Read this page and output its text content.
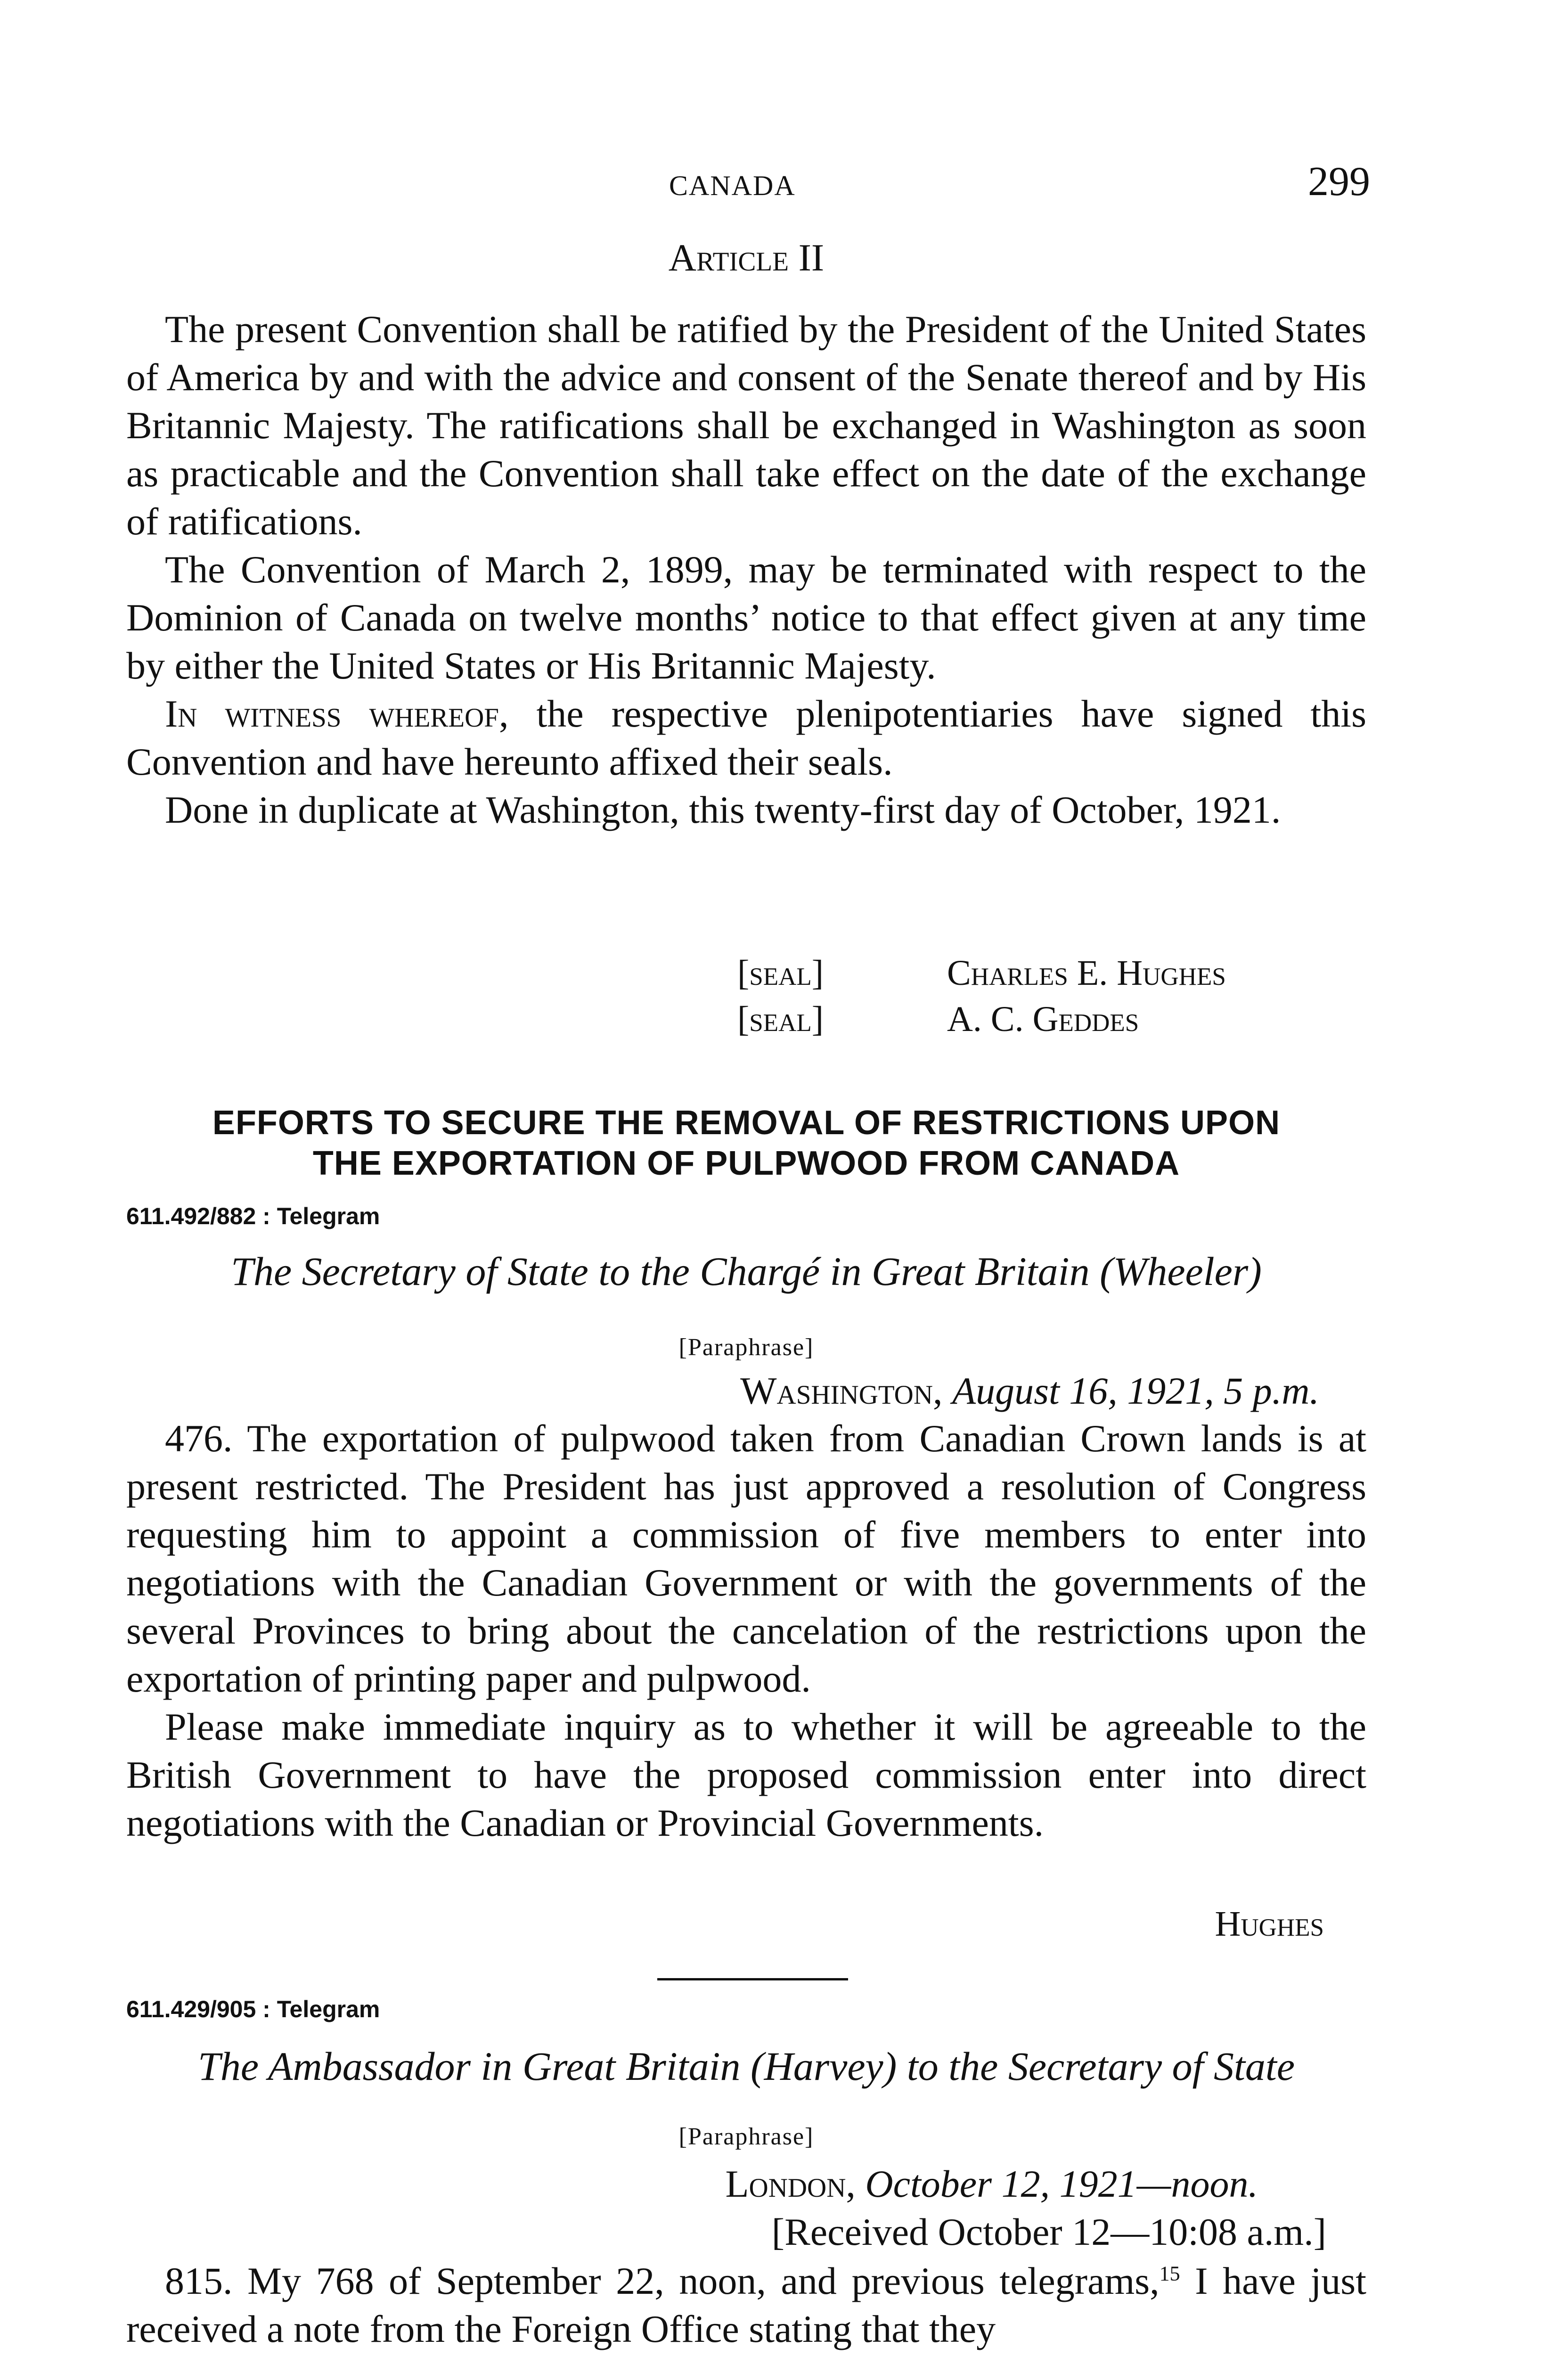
CANADA	299
Article II

The present Convention shall be ratified by the President of the United States of America by and with the advice and consent of the Senate thereof and by His Britannic Majesty. The ratifications shall be exchanged in Washington as soon as practicable and the Convention shall take effect on the date of the exchange of ratifications.

The Convention of March 2, 1899, may be terminated with respect to the Dominion of Canada on twelve months’ notice to that effect given at any time by either the United States or His Britannic Majesty.

In witness whereof, the respective plenipotentiaries have signed this Convention and have hereunto affixed their seals.

Done in duplicate at Washington, this twenty-first day of October, 1921.

[seal]	Charles E. Hughes
[seal]	A. C. Geddes
EFFORTS TO SECURE THE REMOVAL OF RESTRICTIONS UPON
THE EXPORTATION OF PULPWOOD FROM CANADA
611.492/882 : Telegram
The Secretary of State to the Chargé in Great Britain (Wheeler)
[Paraphrase]
Washington, August 16, 1921, 5 p.m.

476. The exportation of pulpwood taken from Canadian Crown lands is at present restricted. The President has just approved a resolution of Congress requesting him to appoint a commission of five members to enter into negotiations with the Canadian Government or with the governments of the several Provinces to bring about the cancelation of the restrictions upon the exportation of printing paper and pulpwood.

Please make immediate inquiry as to whether it will be agreeable to the British Government to have the proposed commission enter into direct negotiations with the Canadian or Provincial Governments.

Hughes
611.429/905 : Telegram
The Ambassador in Great Britain (Harvey) to the Secretary of State
[Paraphrase]
London, October 12, 1921—noon.
[Received October 12—10:08 a.m.]

815. My 768 of September 22, noon, and previous telegrams,$^{15}$ I have just received a note from the Foreign Office stating that they
